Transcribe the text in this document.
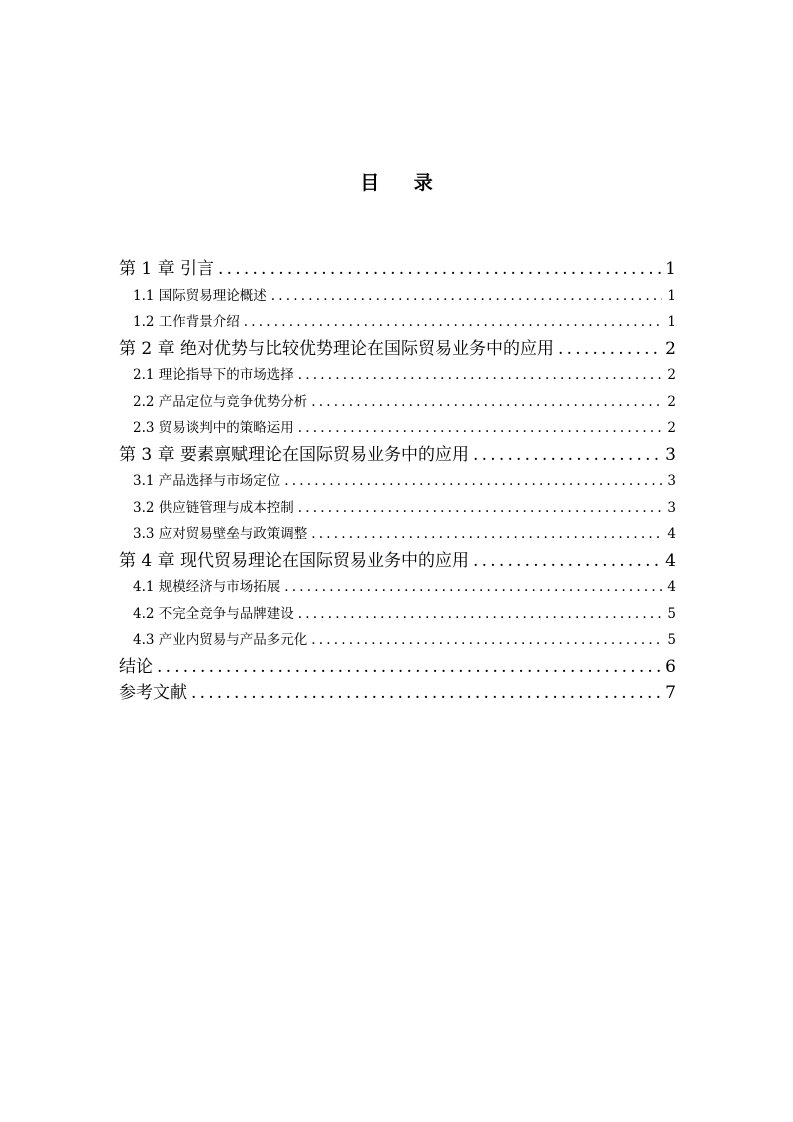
目 录
第 1 章 引言 .....	1
1.1 国际贸易理论概述 .....	1
1.2 工作背景介绍 .....	1
第 2 章 绝对优势与比较优势理论在国际贸易业务中的应用 .....	2
2.1 理论指导下的市场选择 .....	2
2.2 产品定位与竞争优势分析 .....	2
2.3 贸易谈判中的策略运用 .....	2
第 3 章 要素禀赋理论在国际贸易业务中的应用 .....	3
3.1 产品选择与市场定位 .....	3
3.2 供应链管理与成本控制 .....	3
3.3 应对贸易壁垒与政策调整 .....	4
第 4 章 现代贸易理论在国际贸易业务中的应用 .....	4
4.1 规模经济与市场拓展 .....	4
4.2 不完全竞争与品牌建设 .....	5
4.3 产业内贸易与产品多元化 .....	5
结论 .....	6
参考文献 .....	7
